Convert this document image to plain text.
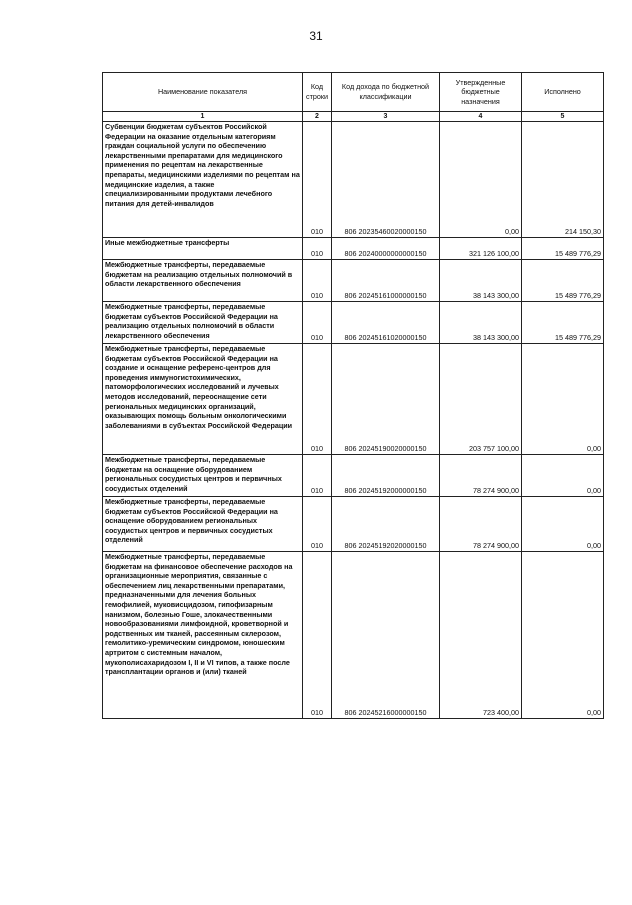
31
Наименование показателя	Код строки	Код дохода по бюджетной классификации	Утвержденные бюджетные назначения	Исполнено
1	2	3	4	5
Субвенции бюджетам субъектов Российской Федерации на оказание отдельным категориям граждан социальной услуги по обеспечению лекарственными препаратами для медицинского применения по рецептам на лекарственные препараты, медицинскими изделиями по рецептам на медицинские изделия, а также специализированными продуктами лечебного питания для детей-инвалидов	010	806 20235460020000150	0,00	214 150,30
Иные межбюджетные трансферты	010	806 20240000000000150	321 126 100,00	15 489 776,29
Межбюджетные трансферты, передаваемые бюджетам на реализацию отдельных полномочий в области лекарственного обеспечения	010	806 20245161000000150	38 143 300,00	15 489 776,29
Межбюджетные трансферты, передаваемые бюджетам субъектов Российской Федерации на реализацию отдельных полномочий в области лекарственного обеспечения	010	806 20245161020000150	38 143 300,00	15 489 776,29
Межбюджетные трансферты, передаваемые бюджетам субъектов Российской Федерации на создание и оснащение референс-центров для проведения иммуногистохимических, патоморфологических исследований и лучевых методов исследований, переоснащение сети региональных медицинских организаций, оказывающих помощь больным онкологическими заболеваниями в субъектах Российской Федерации	010	806 20245190020000150	203 757 100,00	0,00
Межбюджетные трансферты, передаваемые бюджетам на оснащение оборудованием региональных сосудистых центров и первичных сосудистых отделений	010	806 20245192000000150	78 274 900,00	0,00
Межбюджетные трансферты, передаваемые бюджетам субъектов Российской Федерации на оснащение оборудованием региональных сосудистых центров и первичных сосудистых отделений	010	806 20245192020000150	78 274 900,00	0,00
Межбюджетные трансферты, передаваемые бюджетам на финансовое обеспечение расходов на организационные мероприятия, связанные с обеспечением лиц лекарственными препаратами, предназначенными для лечения больных гемофилией, муковисцидозом, гипофизарным нанизмом, болезнью Гоше, злокачественными новообразованиями лимфоидной, кроветворной и родственных им тканей, рассеянным склерозом, гемолитико-уремическим синдромом, юношеским артритом с системным началом, мукополисахаридозом I, II и VI типов, а также после трансплантации органов и (или) тканей	010	806 20245216000000150	723 400,00	0,00
